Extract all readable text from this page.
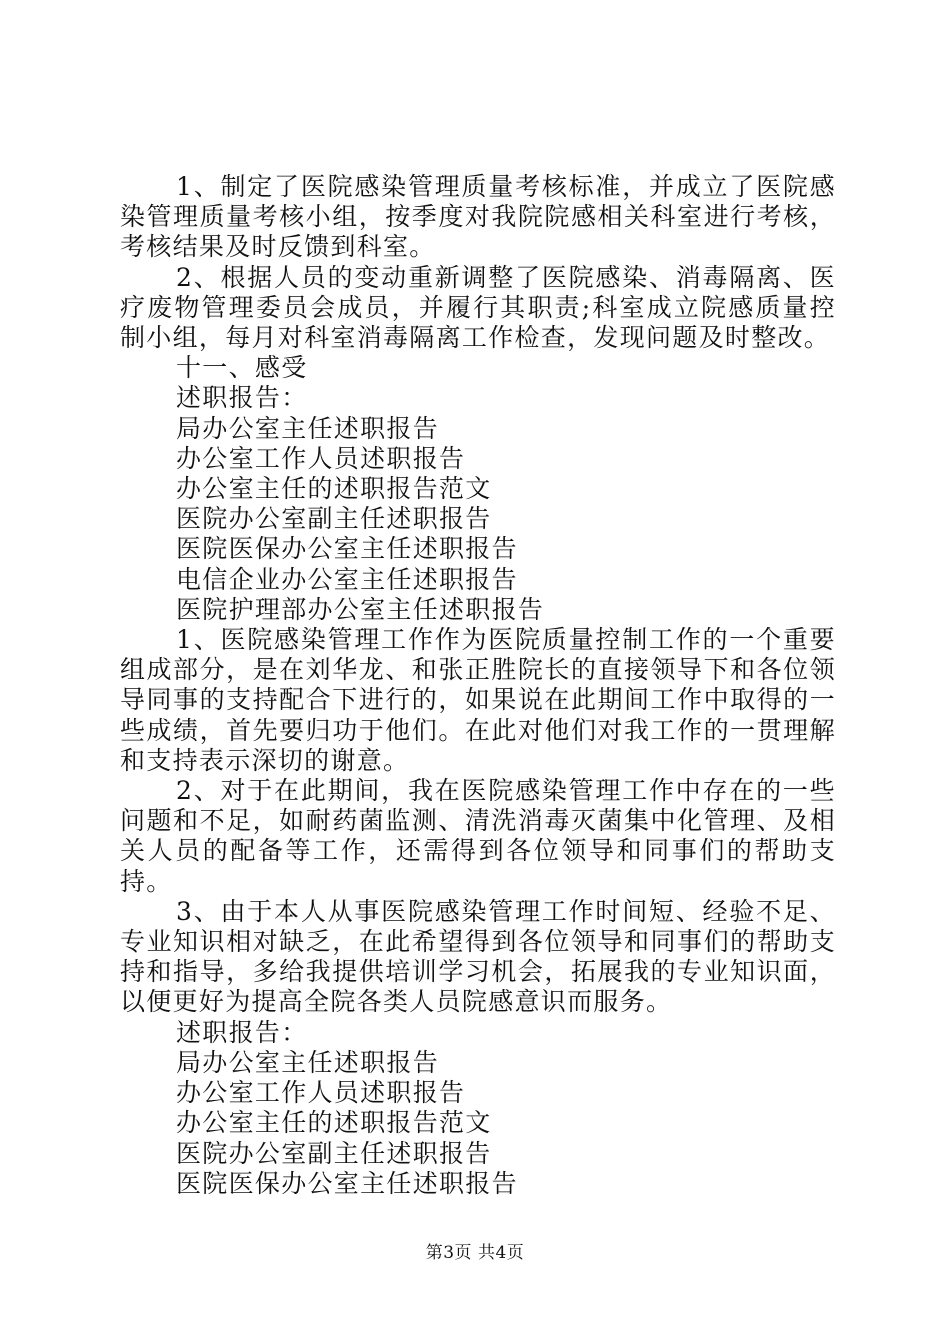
1、制定了医院感染管理质量考核标准，并成立了医院感染管理质量考核小组，按季度对我院院感相关科室进行考核，考核结果及时反馈到科室。

2、根据人员的变动重新调整了医院感染、消毒隔离、医疗废物管理委员会成员，并履行其职责;科室成立院感质量控制小组，每月对科室消毒隔离工作检查，发现问题及时整改。

十一、感受

述职报告：

局办公室主任述职报告

办公室工作人员述职报告

办公室主任的述职报告范文

医院办公室副主任述职报告

医院医保办公室主任述职报告

电信企业办公室主任述职报告

医院护理部办公室主任述职报告

1、医院感染管理工作作为医院质量控制工作的一个重要组成部分，是在刘华龙、和张正胜院长的直接领导下和各位领导同事的支持配合下进行的，如果说在此期间工作中取得的一些成绩，首先要归功于他们。在此对他们对我工作的一贯理解和支持表示深切的谢意。

2、对于在此期间，我在医院感染管理工作中存在的一些问题和不足，如耐药菌监测、清洗消毒灭菌集中化管理、及相关人员的配备等工作，还需得到各位领导和同事们的帮助支持。

3、由于本人从事医院感染管理工作时间短、经验不足、专业知识相对缺乏，在此希望得到各位领导和同事们的帮助支持和指导，多给我提供培训学习机会，拓展我的专业知识面，以便更好为提高全院各类人员院感意识而服务。

述职报告：

局办公室主任述职报告

办公室工作人员述职报告

办公室主任的述职报告范文

医院办公室副主任述职报告

医院医保办公室主任述职报告

第3页 共4页
